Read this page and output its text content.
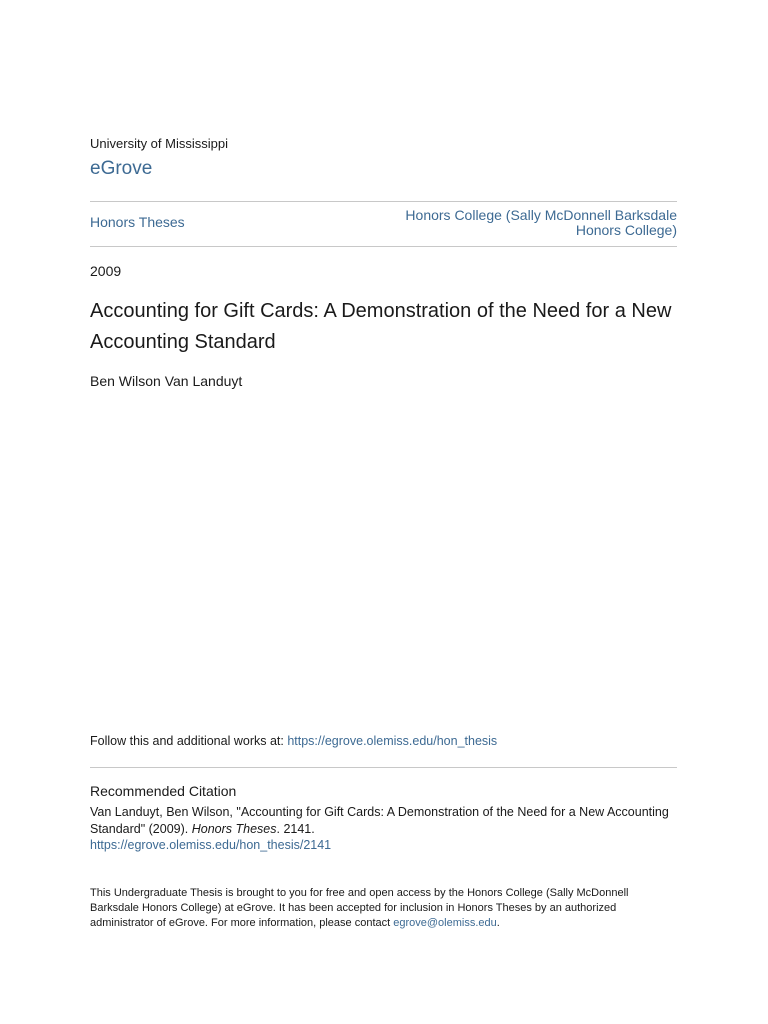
University of Mississippi
eGrove
Honors Theses	Honors College (Sally McDonnell Barksdale Honors College)
2009
Accounting for Gift Cards: A Demonstration of the Need for a New Accounting Standard
Ben Wilson Van Landuyt
Follow this and additional works at: https://egrove.olemiss.edu/hon_thesis
Recommended Citation
Van Landuyt, Ben Wilson, "Accounting for Gift Cards: A Demonstration of the Need for a New Accounting Standard" (2009). Honors Theses. 2141.
https://egrove.olemiss.edu/hon_thesis/2141
This Undergraduate Thesis is brought to you for free and open access by the Honors College (Sally McDonnell Barksdale Honors College) at eGrove. It has been accepted for inclusion in Honors Theses by an authorized administrator of eGrove. For more information, please contact egrove@olemiss.edu.
